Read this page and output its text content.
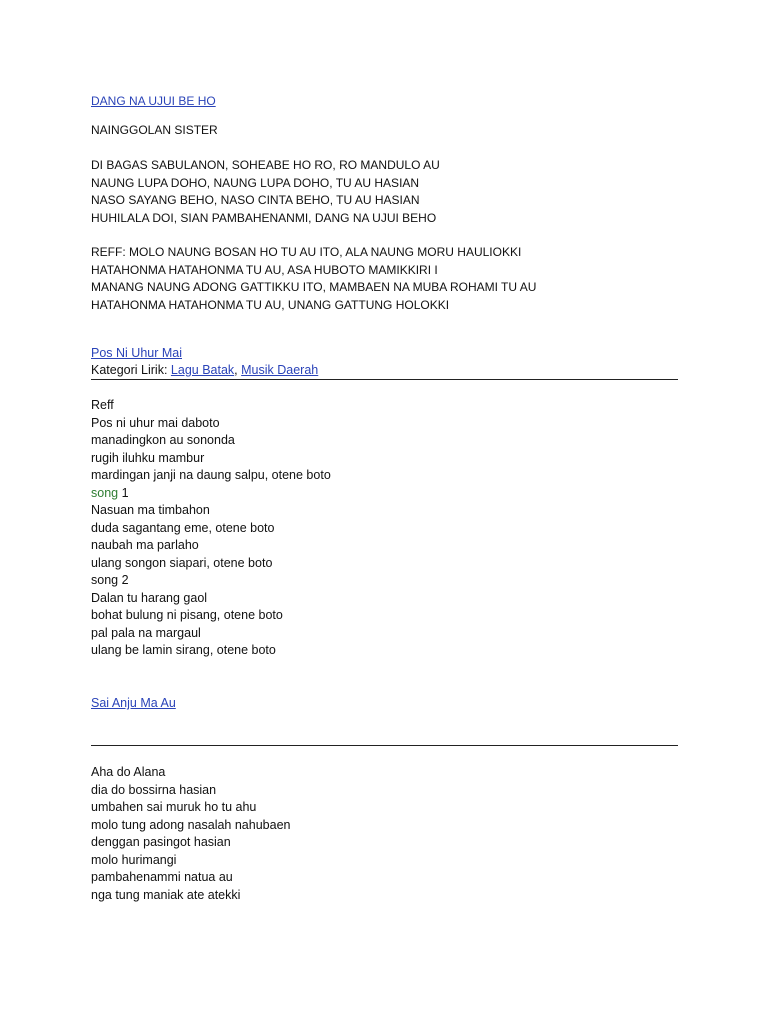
DANG NA UJUI BE HO
NAINGGOLAN SISTER
DI BAGAS SABULANON, SOHEABE HO RO, RO MANDULO AU
NAUNG LUPA DOHO, NAUNG LUPA DOHO, TU AU HASIAN
NASO SAYANG BEHO, NASO CINTA BEHO, TU AU HASIAN
HUHILALA DOI, SIAN PAMBAHENANMI, DANG NA UJUI BEHO
REFF: MOLO NAUNG BOSAN HO TU AU ITO, ALA NAUNG MORU HAULIOKKI
HATAHONMA HATAHONMA TU AU, ASA HUBOTO MAMIKKIRI I
MANANG NAUNG ADONG GATTIKKU ITO, MAMBAEN NA MUBA ROHAMI TU AU
HATAHONMA HATAHONMA TU AU, UNANG GATTUNG HOLOKKI
Pos Ni Uhur Mai
Kategori Lirik: Lagu Batak, Musik Daerah
Reff
Pos ni uhur mai daboto
manadingkon au sononda
rugih iluhku mambur
mardingan janji na daung salpu, otene boto
song 1
Nasuan ma timbahon
duda sagantang eme, otene boto
naubah ma parlaho
ulang songon siapari, otene boto
song 2
Dalan tu harang gaol
bohat bulung ni pisang, otene boto
pal pala na margaul
ulang be lamin sirang, otene boto
Sai Anju Ma Au
Aha do Alana
dia do bossirna hasian
umbahen sai muruk ho tu ahu
molo tung adong nasalah nahubaen
denggan pasingot hasian
molo hurimangi
pambahenammi natua au
nga tung maniak ate atekki
